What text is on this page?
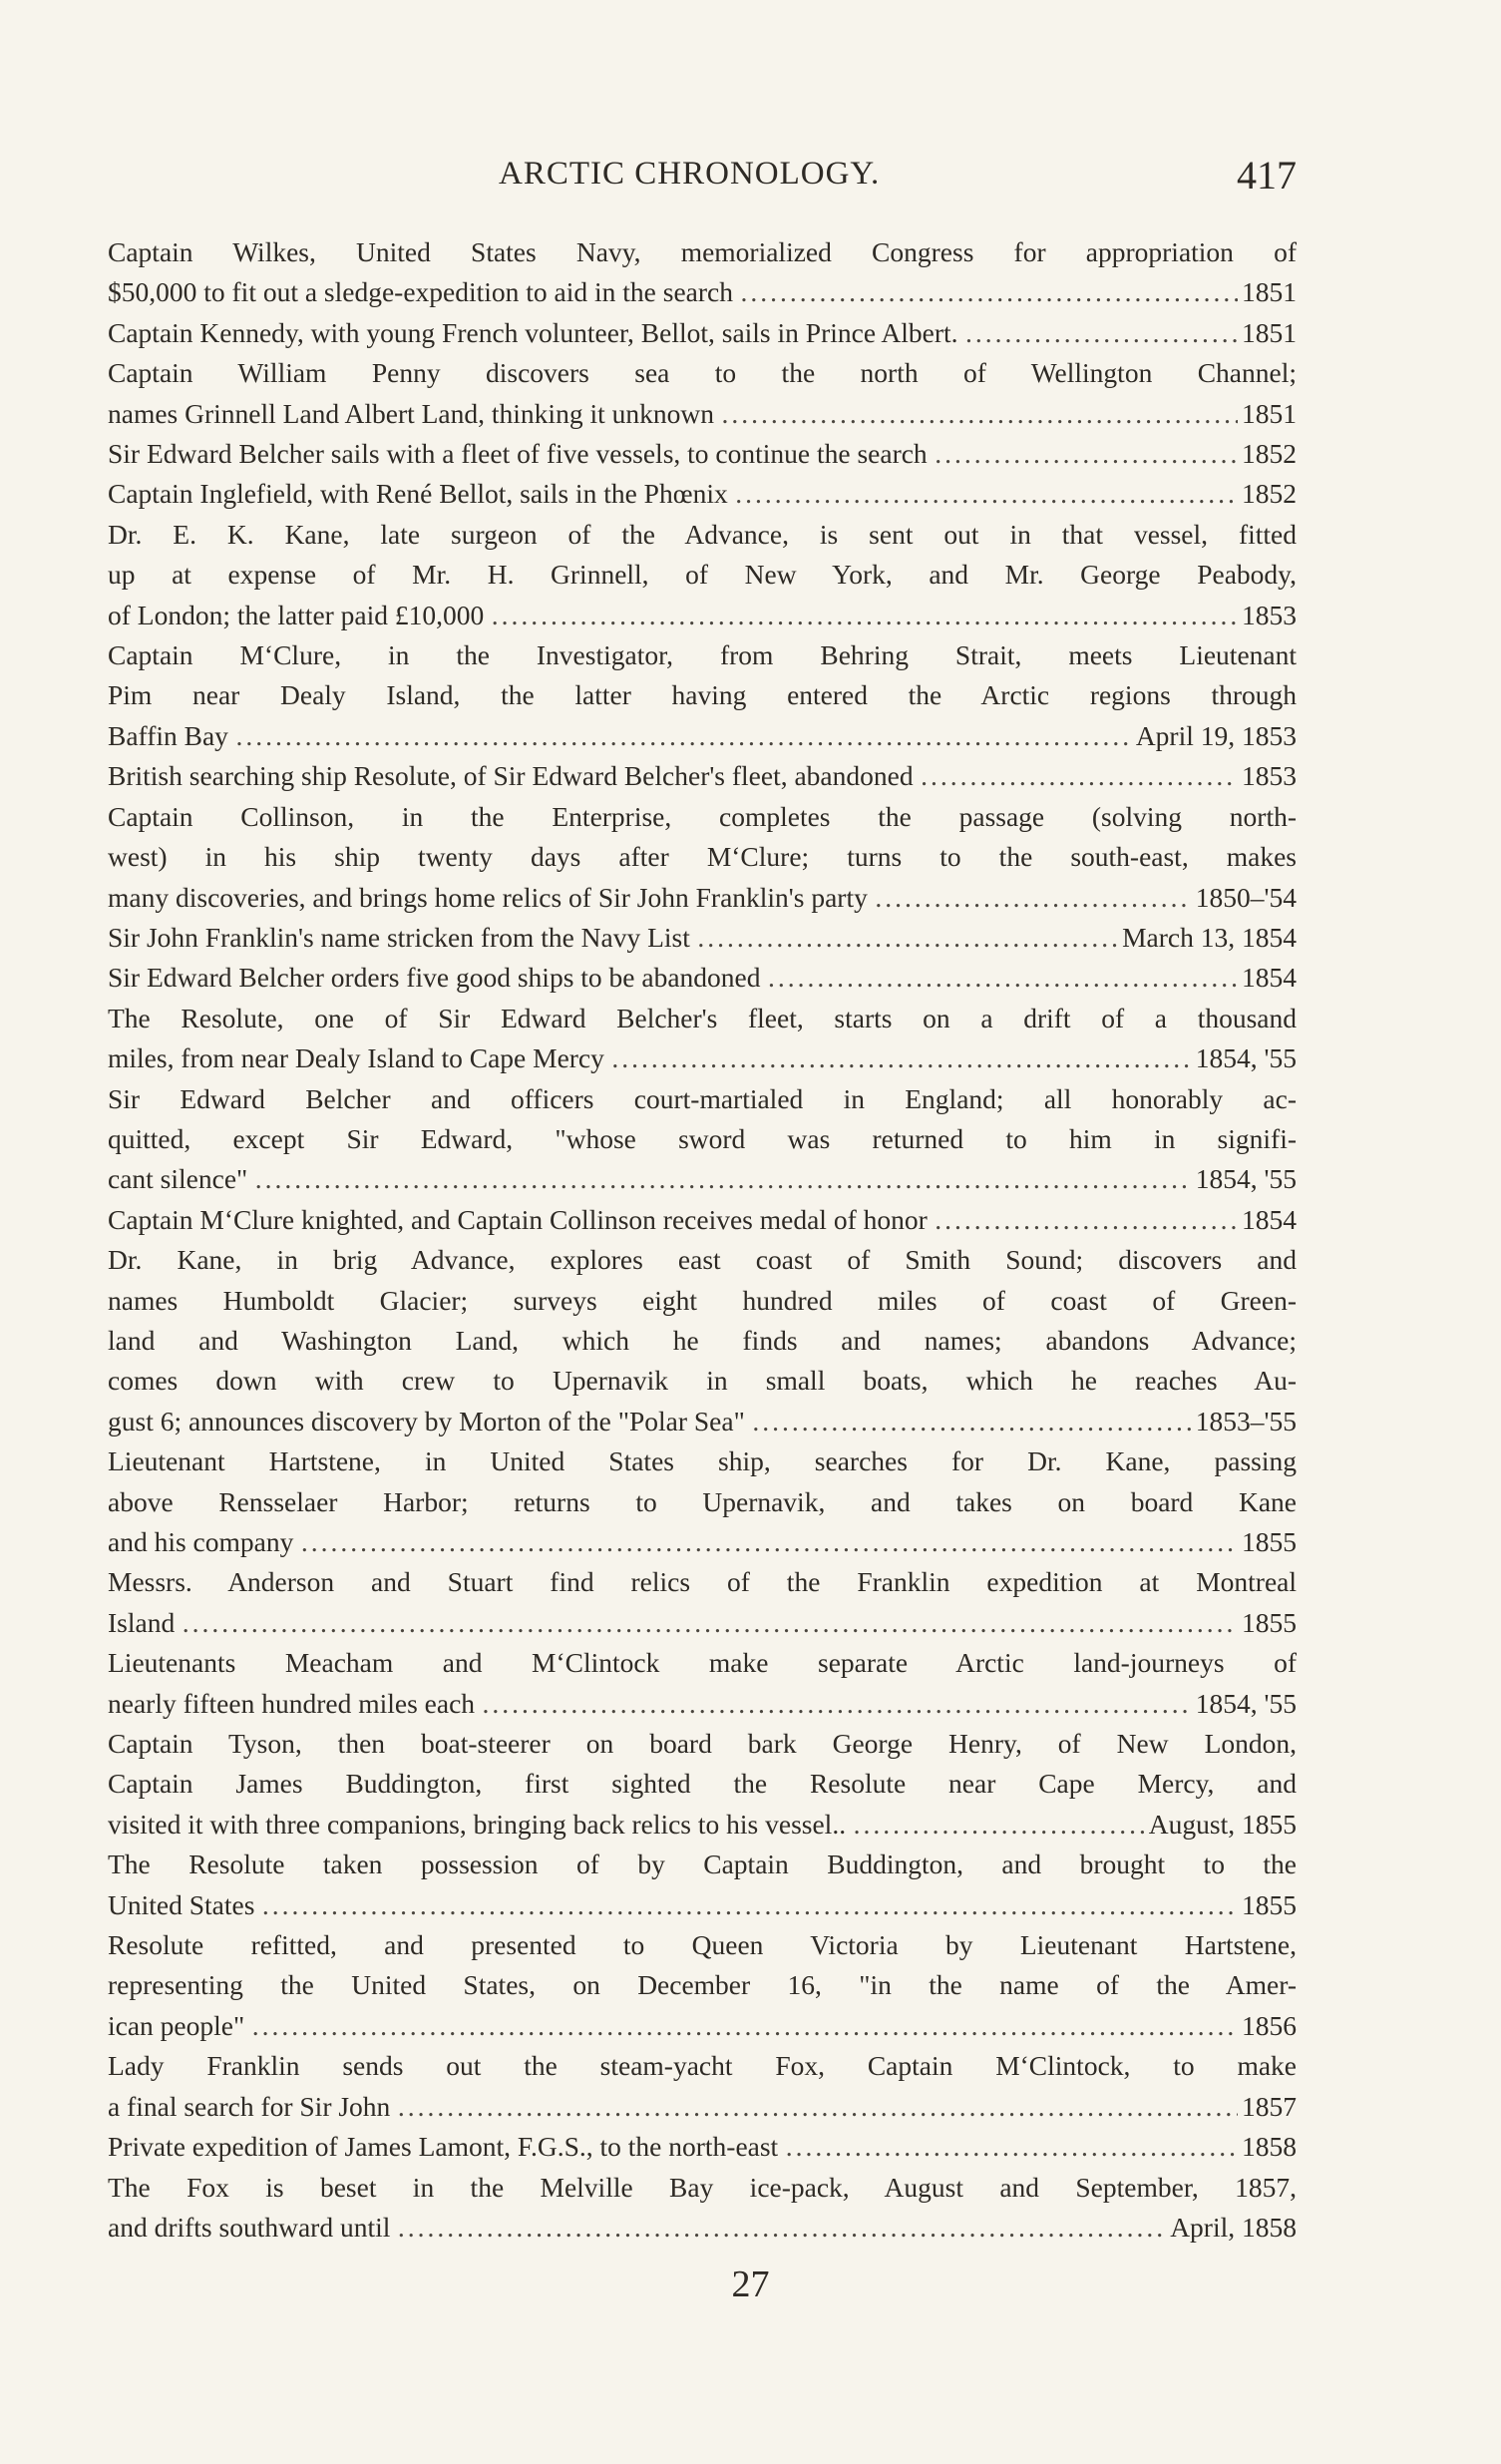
ARCTIC CHRONOLOGY.	417
Captain Wilkes, United States Navy, memorialized Congress for appropriation of
$50,000 to fit out a sledge-expedition to aid in the search .....	1851
Captain Kennedy, with young French volunteer, Bellot, sails in Prince Albert. .....	1851
Captain William Penny discovers sea to the north of Wellington Channel;
names Grinnell Land Albert Land, thinking it unknown .....	1851
Sir Edward Belcher sails with a fleet of five vessels, to continue the search .....	1852
Captain Inglefield, with René Bellot, sails in the Phœnix .....	1852
Dr. E. K. Kane, late surgeon of the Advance, is sent out in that vessel, fitted
up at expense of Mr. H. Grinnell, of New York, and Mr. George Peabody,
of London; the latter paid £10,000 .....	1853
Captain M‘Clure, in the Investigator, from Behring Strait, meets Lieutenant
Pim near Dealy Island, the latter having entered the Arctic regions through
Baffin Bay .....	April 19, 1853
British searching ship Resolute, of Sir Edward Belcher's fleet, abandoned .....	1853
Captain Collinson, in the Enterprise, completes the passage (solving north-
west) in his ship twenty days after M‘Clure; turns to the south-east, makes
many discoveries, and brings home relics of Sir John Franklin's party .....	1850–'54
Sir John Franklin's name stricken from the Navy List .....	March 13, 1854
Sir Edward Belcher orders five good ships to be abandoned .....	1854
The Resolute, one of Sir Edward Belcher's fleet, starts on a drift of a thousand
miles, from near Dealy Island to Cape Mercy .....	1854, '55
Sir Edward Belcher and officers court-martialed in England; all honorably ac-
quitted, except Sir Edward, "whose sword was returned to him in signifi-
cant silence" .....	1854, '55
Captain M‘Clure knighted, and Captain Collinson receives medal of honor .....	1854
Dr. Kane, in brig Advance, explores east coast of Smith Sound; discovers and
names Humboldt Glacier; surveys eight hundred miles of coast of Green-
land and Washington Land, which he finds and names; abandons Advance;
comes down with crew to Upernavik in small boats, which he reaches Au-
gust 6; announces discovery by Morton of the "Polar Sea" .....	1853–'55
Lieutenant Hartstene, in United States ship, searches for Dr. Kane, passing
above Rensselaer Harbor; returns to Upernavik, and takes on board Kane
and his company .....	1855
Messrs. Anderson and Stuart find relics of the Franklin expedition at Montreal
Island .....	1855
Lieutenants Meacham and M‘Clintock make separate Arctic land-journeys of
nearly fifteen hundred miles each .....	1854, '55
Captain Tyson, then boat-steerer on board bark George Henry, of New London,
Captain James Buddington, first sighted the Resolute near Cape Mercy, and
visited it with three companions, bringing back relics to his vessel.. .....	August, 1855
The Resolute taken possession of by Captain Buddington, and brought to the
United States .....	1855
Resolute refitted, and presented to Queen Victoria by Lieutenant Hartstene,
representing the United States, on December 16, "in the name of the Amer-
ican people" .....	1856
Lady Franklin sends out the steam-yacht Fox, Captain M‘Clintock, to make
a final search for Sir John .....	1857
Private expedition of James Lamont, F.G.S., to the north-east .....	1858
The Fox is beset in the Melville Bay ice-pack, August and September, 1857,
and drifts southward until .....	April, 1858
27
